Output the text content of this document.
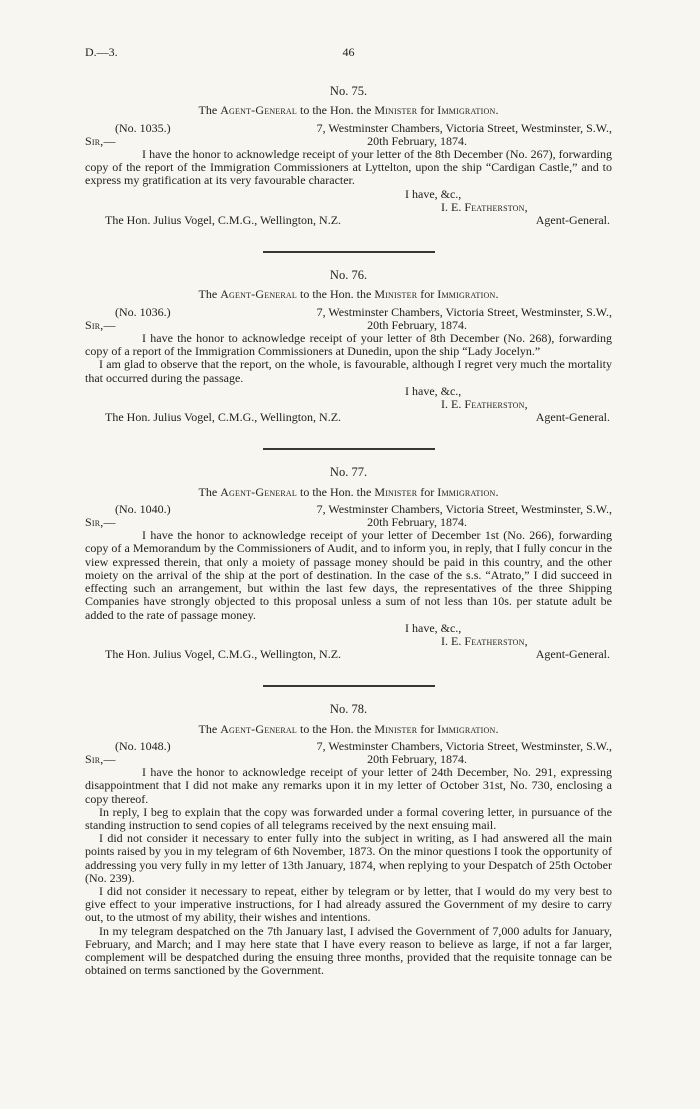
D.—3.	46
No. 75.
The Agent-General to the Hon. the Minister for Immigration.
(No. 1035.)	7, Westminster Chambers, Victoria Street, Westminster, S.W.,
Sir,—	20th February, 1874.

I have the honor to acknowledge receipt of your letter of the 8th December (No. 267), forwarding copy of the report of the Immigration Commissioners at Lyttelton, upon the ship “Cardigan Castle,” and to express my gratification at its very favourable character.

I have, &c.,
I. E. Featherston,
The Hon. Julius Vogel, C.M.G., Wellington, N.Z.	Agent-General.
No. 76.
The Agent-General to the Hon. the Minister for Immigration.
(No. 1036.)	7, Westminster Chambers, Victoria Street, Westminster, S.W.,
Sir,—	20th February, 1874.

I have the honor to acknowledge receipt of your letter of 8th December (No. 268), forwarding copy of a report of the Immigration Commissioners at Dunedin, upon the ship “Lady Jocelyn.”

I am glad to observe that the report, on the whole, is favourable, although I regret very much the mortality that occurred during the passage.

I have, &c.,
I. E. Featherston,
The Hon. Julius Vogel, C.M.G., Wellington, N.Z.	Agent-General.
No. 77.
The Agent-General to the Hon. the Minister for Immigration.
(No. 1040.)	7, Westminster Chambers, Victoria Street, Westminster, S.W.,
Sir,—	20th February, 1874.

I have the honor to acknowledge receipt of your letter of December 1st (No. 266), forwarding copy of a Memorandum by the Commissioners of Audit, and to inform you, in reply, that I fully concur in the view expressed therein, that only a moiety of passage money should be paid in this country, and the other moiety on the arrival of the ship at the port of destination. In the case of the s.s. “Atrato,” I did succeed in effecting such an arrangement, but within the last few days, the representatives of the three Shipping Companies have strongly objected to this proposal unless a sum of not less than 10s. per statute adult be added to the rate of passage money.

I have, &c.,
I. E. Featherston,
The Hon. Julius Vogel, C.M.G., Wellington, N.Z.	Agent-General.
No. 78.
The Agent-General to the Hon. the Minister for Immigration.
(No. 1048.)	7, Westminster Chambers, Victoria Street, Westminster, S.W.,
Sir,—	20th February, 1874.

I have the honor to acknowledge receipt of your letter of 24th December, No. 291, expressing disappointment that I did not make any remarks upon it in my letter of October 31st, No. 730, enclosing a copy thereof.

In reply, I beg to explain that the copy was forwarded under a formal covering letter, in pursuance of the standing instruction to send copies of all telegrams received by the next ensuing mail.

I did not consider it necessary to enter fully into the subject in writing, as I had answered all the main points raised by you in my telegram of 6th November, 1873. On the minor questions I took the opportunity of addressing you very fully in my letter of 13th January, 1874, when replying to your Despatch of 25th October (No. 239).

I did not consider it necessary to repeat, either by telegram or by letter, that I would do my very best to give effect to your imperative instructions, for I had already assured the Government of my desire to carry out, to the utmost of my ability, their wishes and intentions.

In my telegram despatched on the 7th January last, I advised the Government of 7,000 adults for January, February, and March; and I may here state that I have every reason to believe as large, if not a far larger, complement will be despatched during the ensuing three months, provided that the requisite tonnage can be obtained on terms sanctioned by the Government.
